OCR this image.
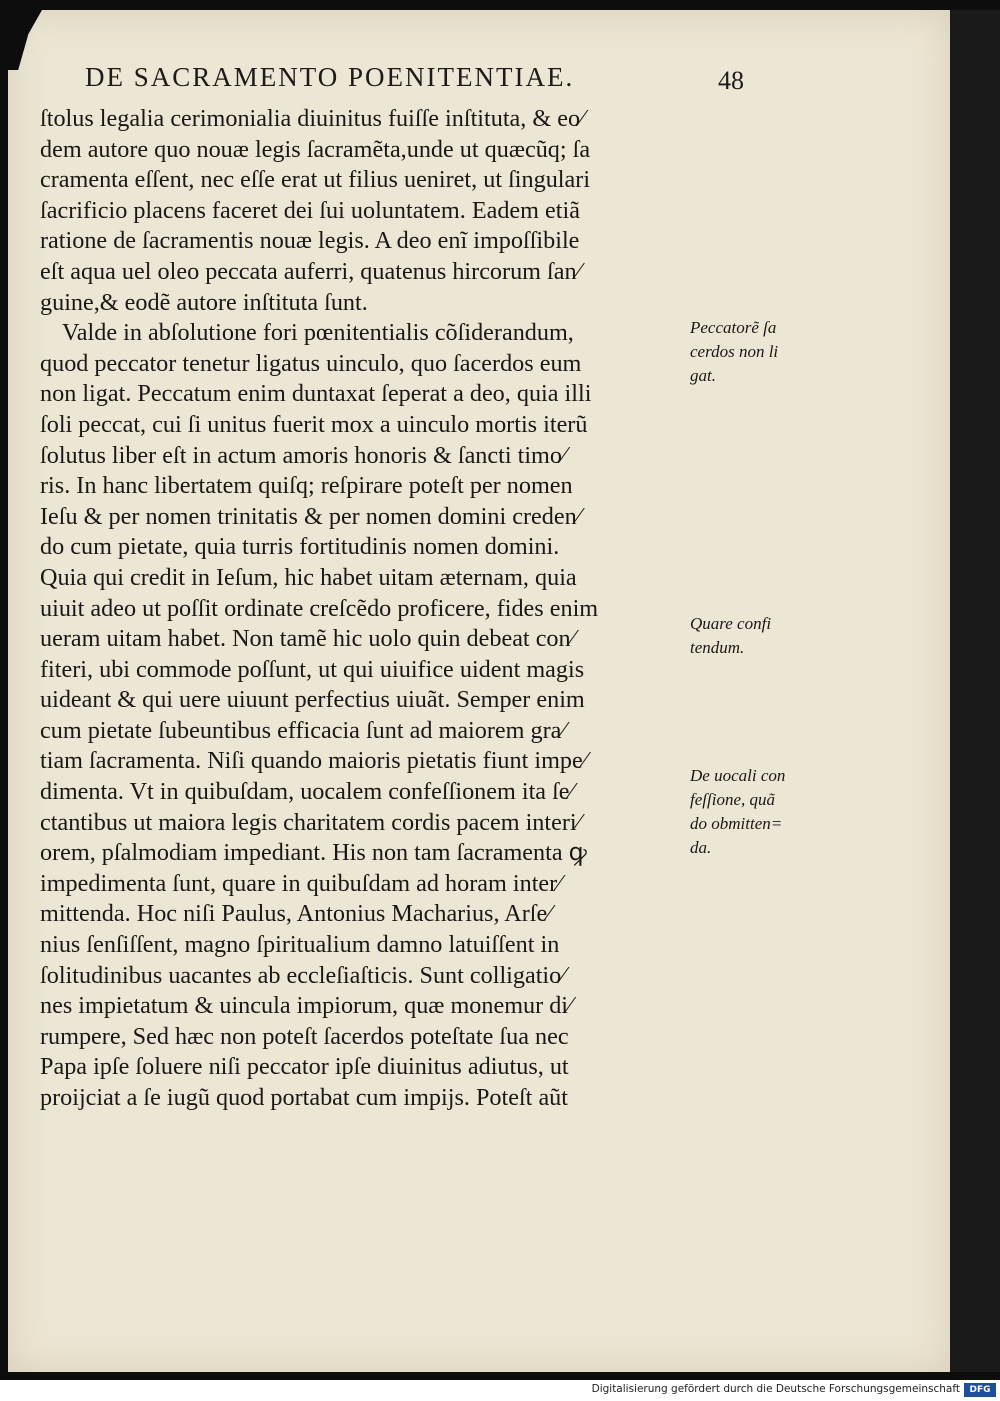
DE SACRAMENTO POENITENTIAE.	48
ſtolus legalia cerimonialia diuinitus fuiſſe inſtituta, & eo⁄
dem autore quo nouæ legis ſacramẽta,unde ut quæcũq; ſa
cramenta eſſent, nec eſſe erat ut filius ueniret, ut ſingulari
ſacrificio placens faceret dei ſui uoluntatem. Eadem etiã
ratione de ſacramentis nouæ legis. A deo enĩ impoſſibile
eſt aqua uel oleo peccata auferri, quatenus hircorum ſan⁄
guine,& eodẽ autore inſtituta ſunt.
Valde in abſolutione fori pœnitentialis cõſiderandum,
quod peccator tenetur ligatus uinculo, quo ſacerdos eum
non ligat. Peccatum enim duntaxat ſeperat a deo, quia illi
ſoli peccat, cui ſi unitus fuerit mox a uinculo mortis iterũ
ſolutus liber eſt in actum amoris honoris & ſancti timo⁄
ris. In hanc libertatem quiſq; reſpirare poteſt per nomen
Ieſu & per nomen trinitatis & per nomen domini creden⁄
do cum pietate, quia turris fortitudinis nomen domini.
Quia qui credit in Ieſum, hic habet uitam æternam, quia
uiuit adeo ut poſſit ordinate creſcẽdo proficere, fides enim
ueram uitam habet. Non tamẽ hic uolo quin debeat con⁄
fiteri, ubi commode poſſunt, ut qui uiuifice uident magis
uideant & qui uere uiuunt perfectius uiuãt. Semper enim
cum pietate ſubeuntibus efficacia ſunt ad maiorem gra⁄
tiam ſacramenta. Niſi quando maioris pietatis fiunt impe⁄
dimenta. Vt in quibuſdam, uocalem confeſſionem ita ſe⁄
ctantibus ut maiora legis charitatem cordis pacem interi⁄
orem, pſalmodiam impediant. His non tam ſacramenta ꝙ
impedimenta ſunt, quare in quibuſdam ad horam inter⁄
mittenda. Hoc niſi Paulus, Antonius Macharius, Arſe⁄
nius ſenſiſſent, magno ſpiritualium damno latuiſſent in
ſolitudinibus uacantes ab eccleſiaſticis. Sunt colligatio⁄
nes impietatum & uincula impiorum, quæ monemur di⁄
rumpere, Sed hæc non poteſt ſacerdos poteſtate ſua nec
Papa ipſe ſoluere niſi peccator ipſe diuinitus adiutus, ut
proijciat a ſe iugũ quod portabat cum impijs. Poteſt aũt
Peccatorẽ ſa
cerdos non li
gat.
Quare confi
tendum.
De uocali con
feſſione, quã
do obmitten=
da.
Digitalisierung gefördert durch die Deutsche Forschungsgemeinschaft	DFG
